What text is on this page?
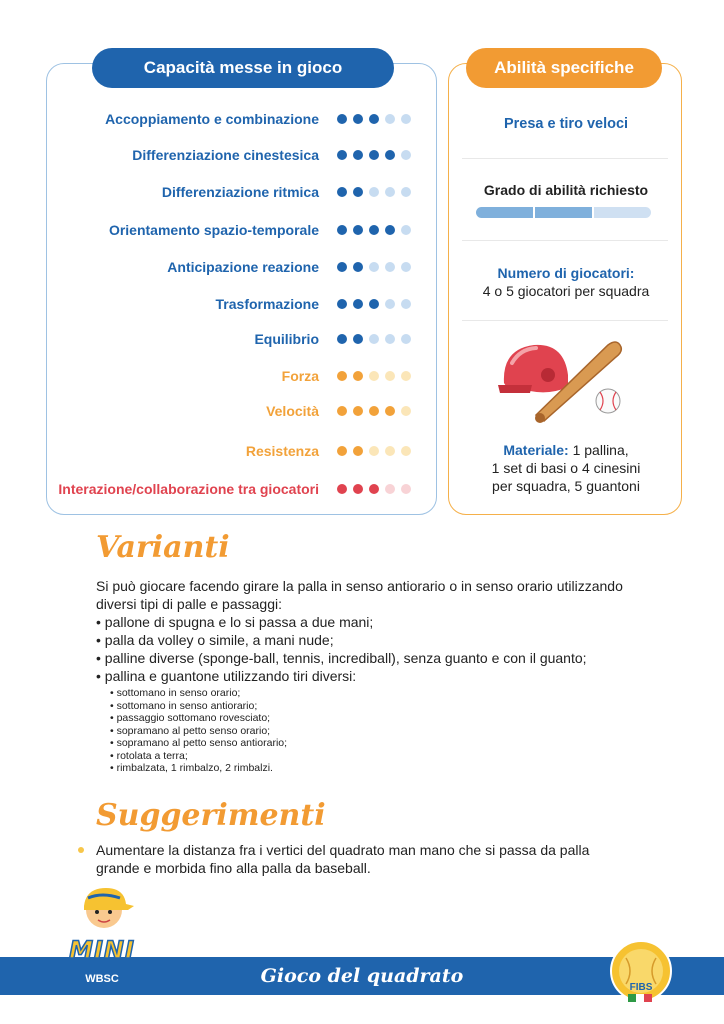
Capacità messe in gioco
Accoppiamento e combinazione
Differenziazione cinestesica
Differenziazione ritmica
Orientamento spazio-temporale
Anticipazione reazione
Trasformazione
Equilibrio
Forza
Velocità
Resistenza
Interazione/collaborazione tra giocatori
Abilità specifiche
Presa e tiro veloci
Grado di abilità richiesto
Numero di giocatori:
4 o 5 giocatori per squadra
Materiale: 1 pallina,
1 set di basi o 4 cinesini
per squadra, 5 guantoni
Varianti

Si può giocare facendo girare la palla in senso antiorario o in senso orario utilizzando

diversi tipi di palle e passaggi:

• pallone di spugna e lo si passa a due mani;

• palla da volley o simile, a mani nude;

• palline diverse (sponge-ball, tennis, incrediball), senza guanto e con il guanto;

• pallina e guantone utilizzando tiri diversi:

• sottomano in senso orario;
• sottomano in senso antiorario;
• passaggio sottomano rovesciato;
• sopramano al petto senso orario;
• sopramano al petto senso antiorario;
• rotolata a terra;
• rimbalzata, 1 rimbalzo, 2 rimbalzi.
Suggerimenti

Aumentare la distanza fra i vertici del quadrato man mano che si passa da palla

grande e morbida fino alla palla da baseball.

Gioco del quadrato
MINI
WBSC
FIBS
